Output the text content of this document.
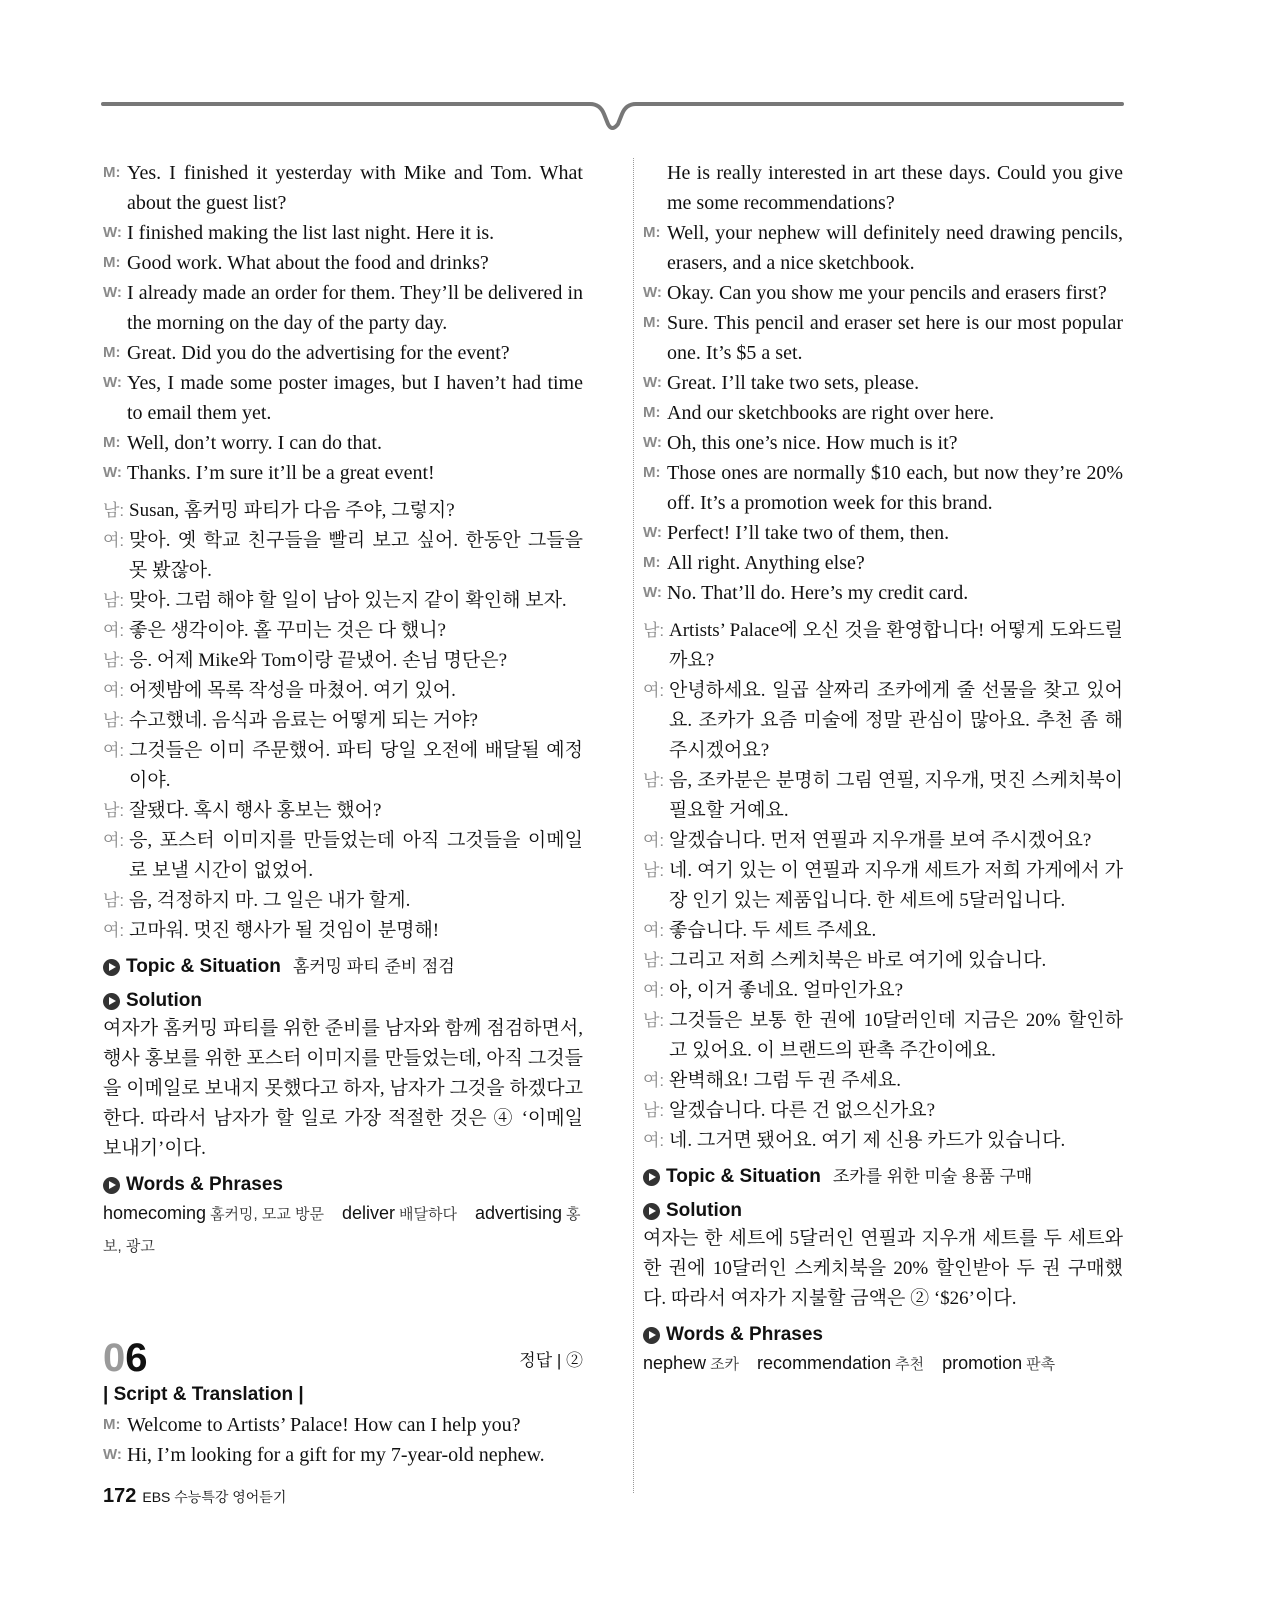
M: Yes. I finished it yesterday with Mike and Tom. What about the guest list?
W: I finished making the list last night. Here it is.
M: Good work. What about the food and drinks?
W: I already made an order for them. They’ll be delivered in the morning on the day of the party day.
M: Great. Did you do the advertising for the event?
W: Yes, I made some poster images, but I haven’t had time to email them yet.
M: Well, don’t worry. I can do that.
W: Thanks. I’m sure it’ll be a great event!
남: Susan, 홈커밍 파티가 다음 주야, 그렇지?
여: 맞아. 옛 학교 친구들을 빨리 보고 싶어. 한동안 그들을 못 봤잖아.
남: 맞아. 그럼 해야 할 일이 남아 있는지 같이 확인해 보자.
여: 좋은 생각이야. 홀 꾸미는 것은 다 했니?
남: 응. 어제 Mike와 Tom이랑 끝냈어. 손님 명단은?
여: 어젯밤에 목록 작성을 마쳤어. 여기 있어.
남: 수고했네. 음식과 음료는 어떻게 되는 거야?
여: 그것들은 이미 주문했어. 파티 당일 오전에 배달될 예정이야.
남: 잘됐다. 혹시 행사 홍보는 했어?
여: 응, 포스터 이미지를 만들었는데 아직 그것들을 이메일로 보낼 시간이 없었어.
남: 음, 걱정하지 마. 그 일은 내가 할게.
여: 고마워. 멋진 행사가 될 것임이 분명해!
Topic & Situation 홈커밍 파티 준비 점검
Solution
여자가 홈커밍 파티를 위한 준비를 남자와 함께 점검하면서, 행사 홍보를 위한 포스터 이미지를 만들었는데, 아직 그것들을 이메일로 보내지 못했다고 하자, 남자가 그것을 하겠다고 한다. 따라서 남자가 할 일로 가장 적절한 것은 ④ ‘이메일 보내기’이다.
Words & Phrases
homecoming 홈커밍, 모교 방문 deliver 배달하다 advertising 홍보, 광고
06	정답 | ②
| Script & Translation |
M: Welcome to Artists’ Palace! How can I help you?
W: Hi, I’m looking for a gift for my 7-year-old nephew.
He is really interested in art these days. Could you give me some recommendations?
M: Well, your nephew will definitely need drawing pencils, erasers, and a nice sketchbook.
W: Okay. Can you show me your pencils and erasers first?
M: Sure. This pencil and eraser set here is our most popular one. It’s $5 a set.
W: Great. I’ll take two sets, please.
M: And our sketchbooks are right over here.
W: Oh, this one’s nice. How much is it?
M: Those ones are normally $10 each, but now they’re 20% off. It’s a promotion week for this brand.
W: Perfect! I’ll take two of them, then.
M: All right. Anything else?
W: No. That’ll do. Here’s my credit card.
남: Artists’ Palace에 오신 것을 환영합니다! 어떻게 도와드릴까요?
여: 안녕하세요. 일곱 살짜리 조카에게 줄 선물을 찾고 있어요. 조카가 요즘 미술에 정말 관심이 많아요. 추천 좀 해 주시겠어요?
남: 음, 조카분은 분명히 그림 연필, 지우개, 멋진 스케치북이 필요할 거예요.
여: 알겠습니다. 먼저 연필과 지우개를 보여 주시겠어요?
남: 네. 여기 있는 이 연필과 지우개 세트가 저희 가게에서 가장 인기 있는 제품입니다. 한 세트에 5달러입니다.
여: 좋습니다. 두 세트 주세요.
남: 그리고 저희 스케치북은 바로 여기에 있습니다.
여: 아, 이거 좋네요. 얼마인가요?
남: 그것들은 보통 한 권에 10달러인데 지금은 20% 할인하고 있어요. 이 브랜드의 판촉 주간이에요.
여: 완벽해요! 그럼 두 권 주세요.
남: 알겠습니다. 다른 건 없으신가요?
여: 네. 그거면 됐어요. 여기 제 신용 카드가 있습니다.
Topic & Situation 조카를 위한 미술 용품 구매
Solution
여자는 한 세트에 5달러인 연필과 지우개 세트를 두 세트와 한 권에 10달러인 스케치북을 20% 할인받아 두 권 구매했다. 따라서 여자가 지불할 금액은 ② ‘$26’이다.
Words & Phrases
nephew 조카 recommendation 추천 promotion 판촉
172 EBS 수능특강 영어듣기
